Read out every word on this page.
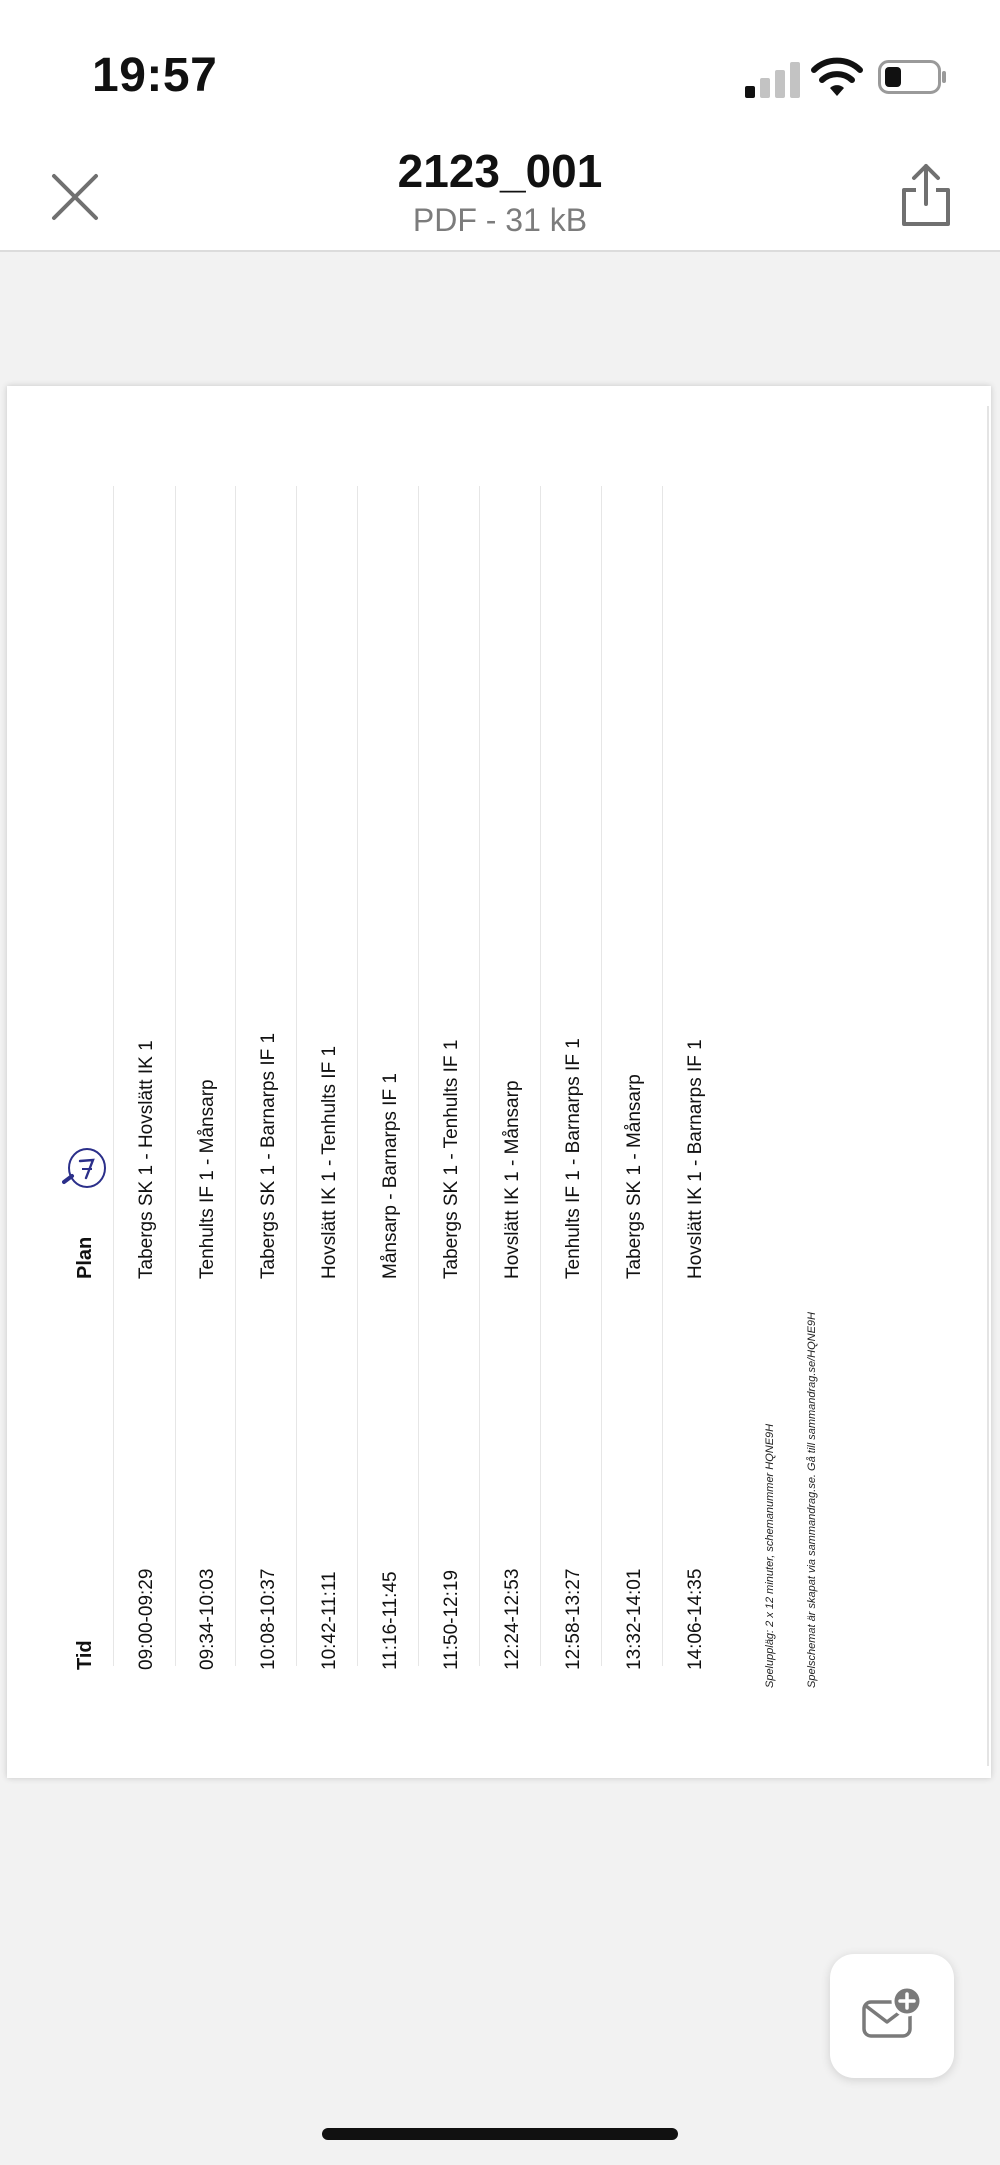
19:57
2123_001
PDF - 31 kB
Tid
Plan
09:00-09:29 09:34-10:03 10:08-10:37 10:42-11:11 11:16-11:45 11:50-12:19 12:24-12:53 12:58-13:27 13:32-14:01 14:06-14:35
Tabergs SK 1 - Hovslätt IK 1 Tenhults IF 1 - Månsarp Tabergs SK 1 - Barnarps IF 1 Hovslätt IK 1 - Tenhults IF 1 Månsarp - Barnarps IF 1 Tabergs SK 1 - Tenhults IF 1 Hovslätt IK 1 - Månsarp Tenhults IF 1 - Barnarps IF 1 Tabergs SK 1 - Månsarp Hovslätt IK 1 - Barnarps IF 1
Speluppläg: 2 x 12 minuter, schemanummer HQNE9H	Spelschemat är skapat via sammandrag.se. Gå till sammandrag.se/HQNE9H
